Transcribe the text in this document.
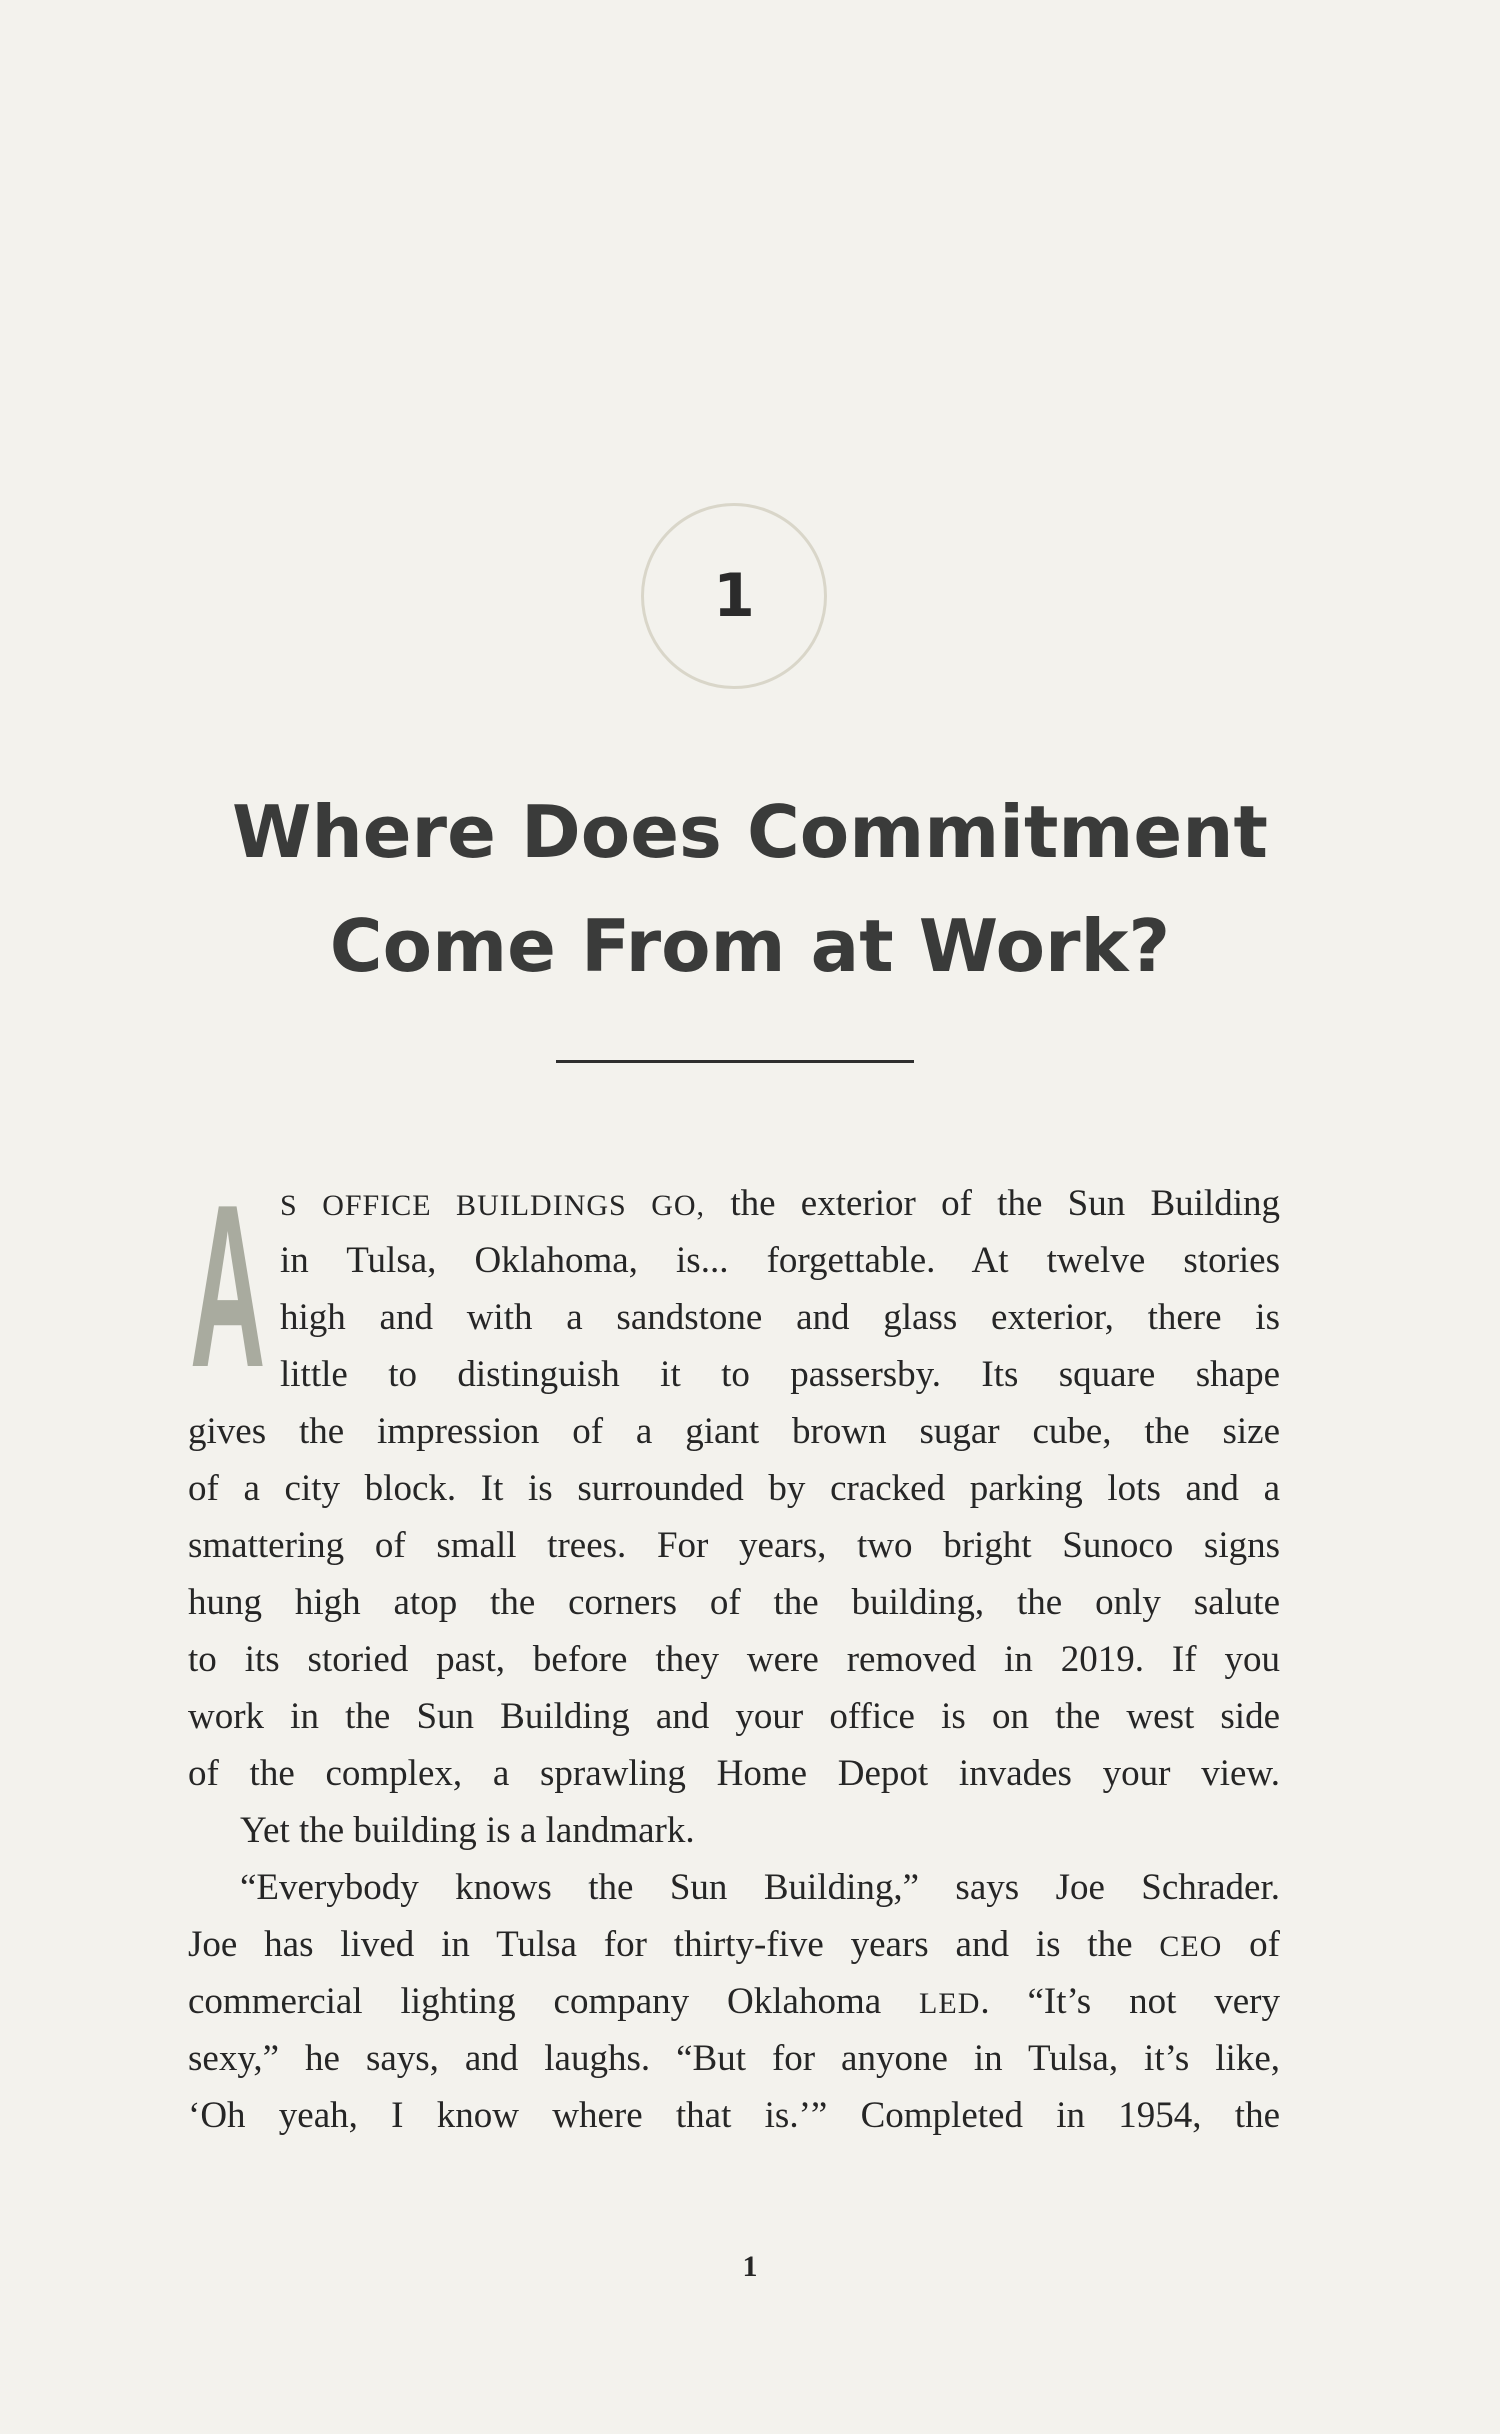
1
Where Does Commitment
Come From at Work?
A S OFFICE BUILDINGS GO, the exterior of the Sun Building
in Tulsa, Oklahoma, is... forgettable. At twelve stories
high and with a sandstone and glass exterior, there is
little to distinguish it to passersby. Its square shape
gives the impression of a giant brown sugar cube, the size
of a city block. It is surrounded by cracked parking lots and a
smattering of small trees. For years, two bright Sunoco signs
hung high atop the corners of the building, the only salute
to its storied past, before they were removed in 2019. If you
work in the Sun Building and your office is on the west side
of the complex, a sprawling Home Depot invades your view.
Yet the building is a landmark.
“Everybody knows the Sun Building,” says Joe Schrader.
Joe has lived in Tulsa for thirty-five years and is the CEO of
commercial lighting company Oklahoma LED. “It’s not very
sexy,” he says, and laughs. “But for anyone in Tulsa, it’s like,
‘Oh yeah, I know where that is.’” Completed in 1954, the
1
